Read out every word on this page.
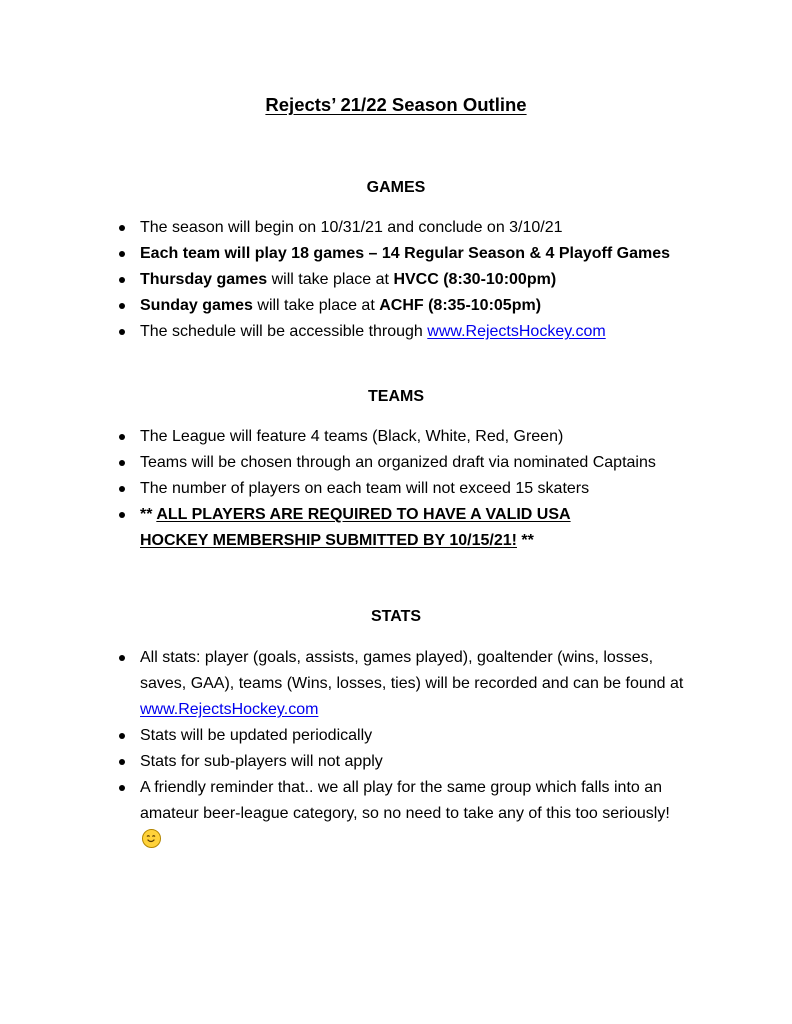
Rejects’ 21/22 Season Outline
GAMES
The season will begin on 10/31/21 and conclude on 3/10/21
Each team will play 18 games – 14 Regular Season & 4 Playoff Games
Thursday games will take place at HVCC (8:30-10:00pm)
Sunday games will take place at ACHF (8:35-10:05pm)
The schedule will be accessible through www.RejectsHockey.com
TEAMS
The League will feature 4 teams (Black, White, Red, Green)
Teams will be chosen through an organized draft via nominated Captains
The number of players on each team will not exceed 15 skaters
** ALL PLAYERS ARE REQUIRED TO HAVE A VALID USA HOCKEY MEMBERSHIP SUBMITTED BY 10/15/21! **
STATS
All stats: player (goals, assists, games played), goaltender (wins, losses, saves, GAA), teams (Wins, losses, ties) will be recorded and can be found at www.RejectsHockey.com
Stats will be updated periodically
Stats for sub-players will not apply
A friendly reminder that.. we all play for the same group which falls into an amateur beer-league category, so no need to take any of this too seriously!
